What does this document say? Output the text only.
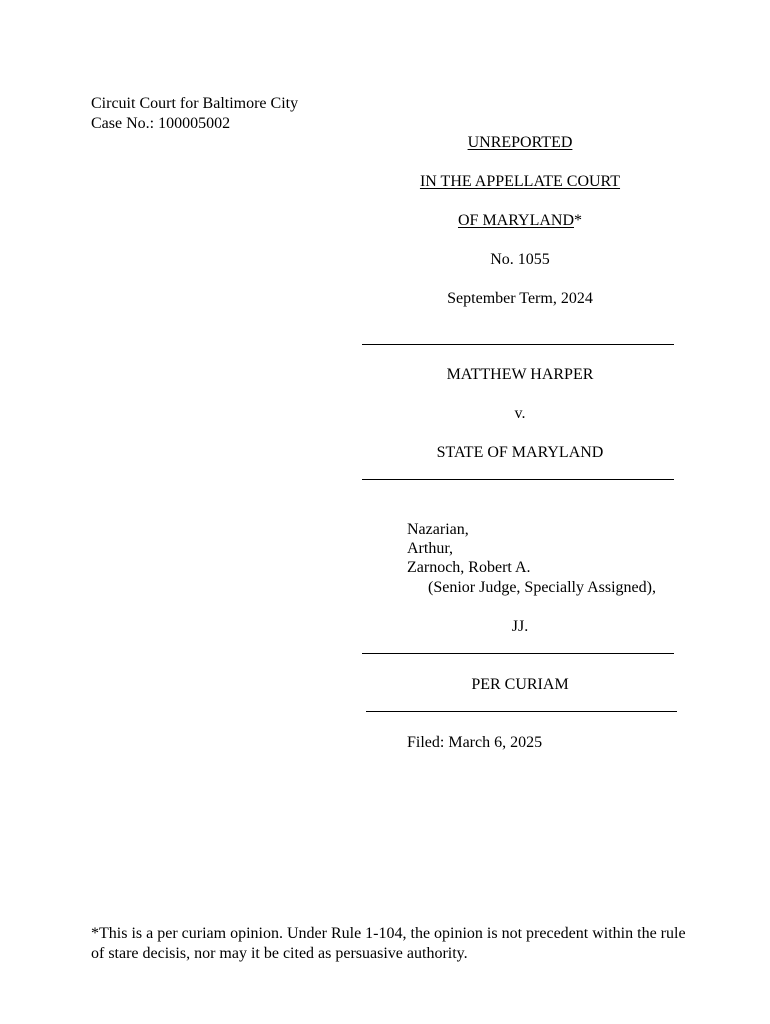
Circuit Court for Baltimore City
Case No.: 100005002
UNREPORTED
IN THE APPELLATE COURT
OF MARYLAND*
No. 1055
September Term, 2024
MATTHEW HARPER
v.
STATE OF MARYLAND
Nazarian,
Arthur,
Zarnoch, Robert A.
(Senior Judge, Specially Assigned),
JJ.
PER CURIAM
Filed: March 6, 2025
*This is a per curiam opinion. Under Rule 1-104, the opinion is not precedent within the rule of stare decisis, nor may it be cited as persuasive authority.
